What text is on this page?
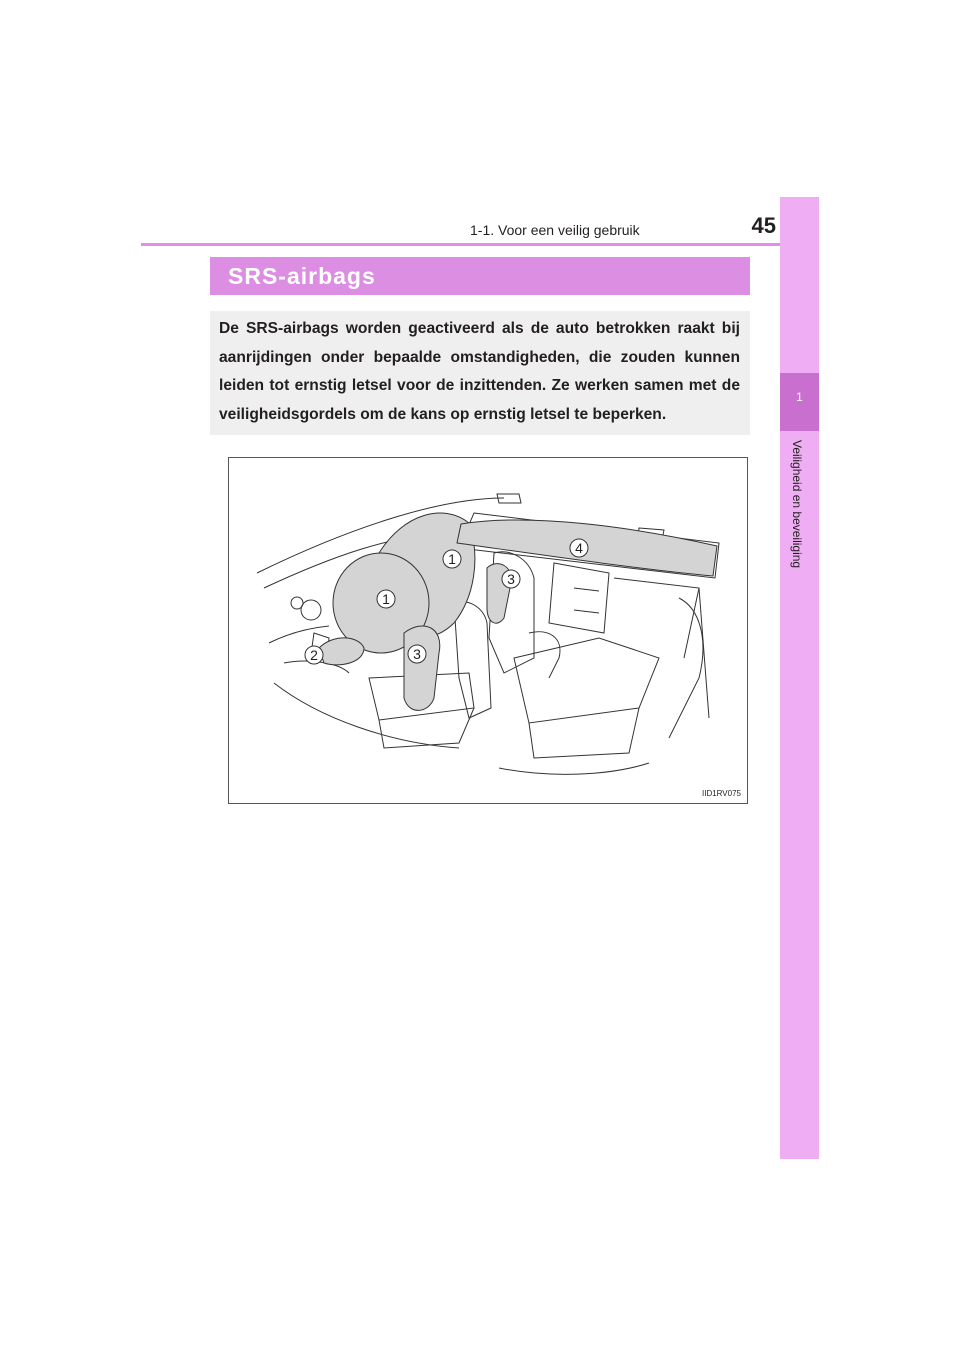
1-1. Voor een veilig gebruik	45
1
Veiligheid en beveiliging
SRS-airbags
De SRS-airbags worden geactiveerd als de auto betrokken raakt bij aanrijdingen onder bepaalde omstandigheden, die zouden kunnen leiden tot ernstig letsel voor de inzittenden. Ze werken samen met de veiligheidsgordels om de kans op ernstig letsel te beperken.
1
1
2	3
3
4
IID1RV075
